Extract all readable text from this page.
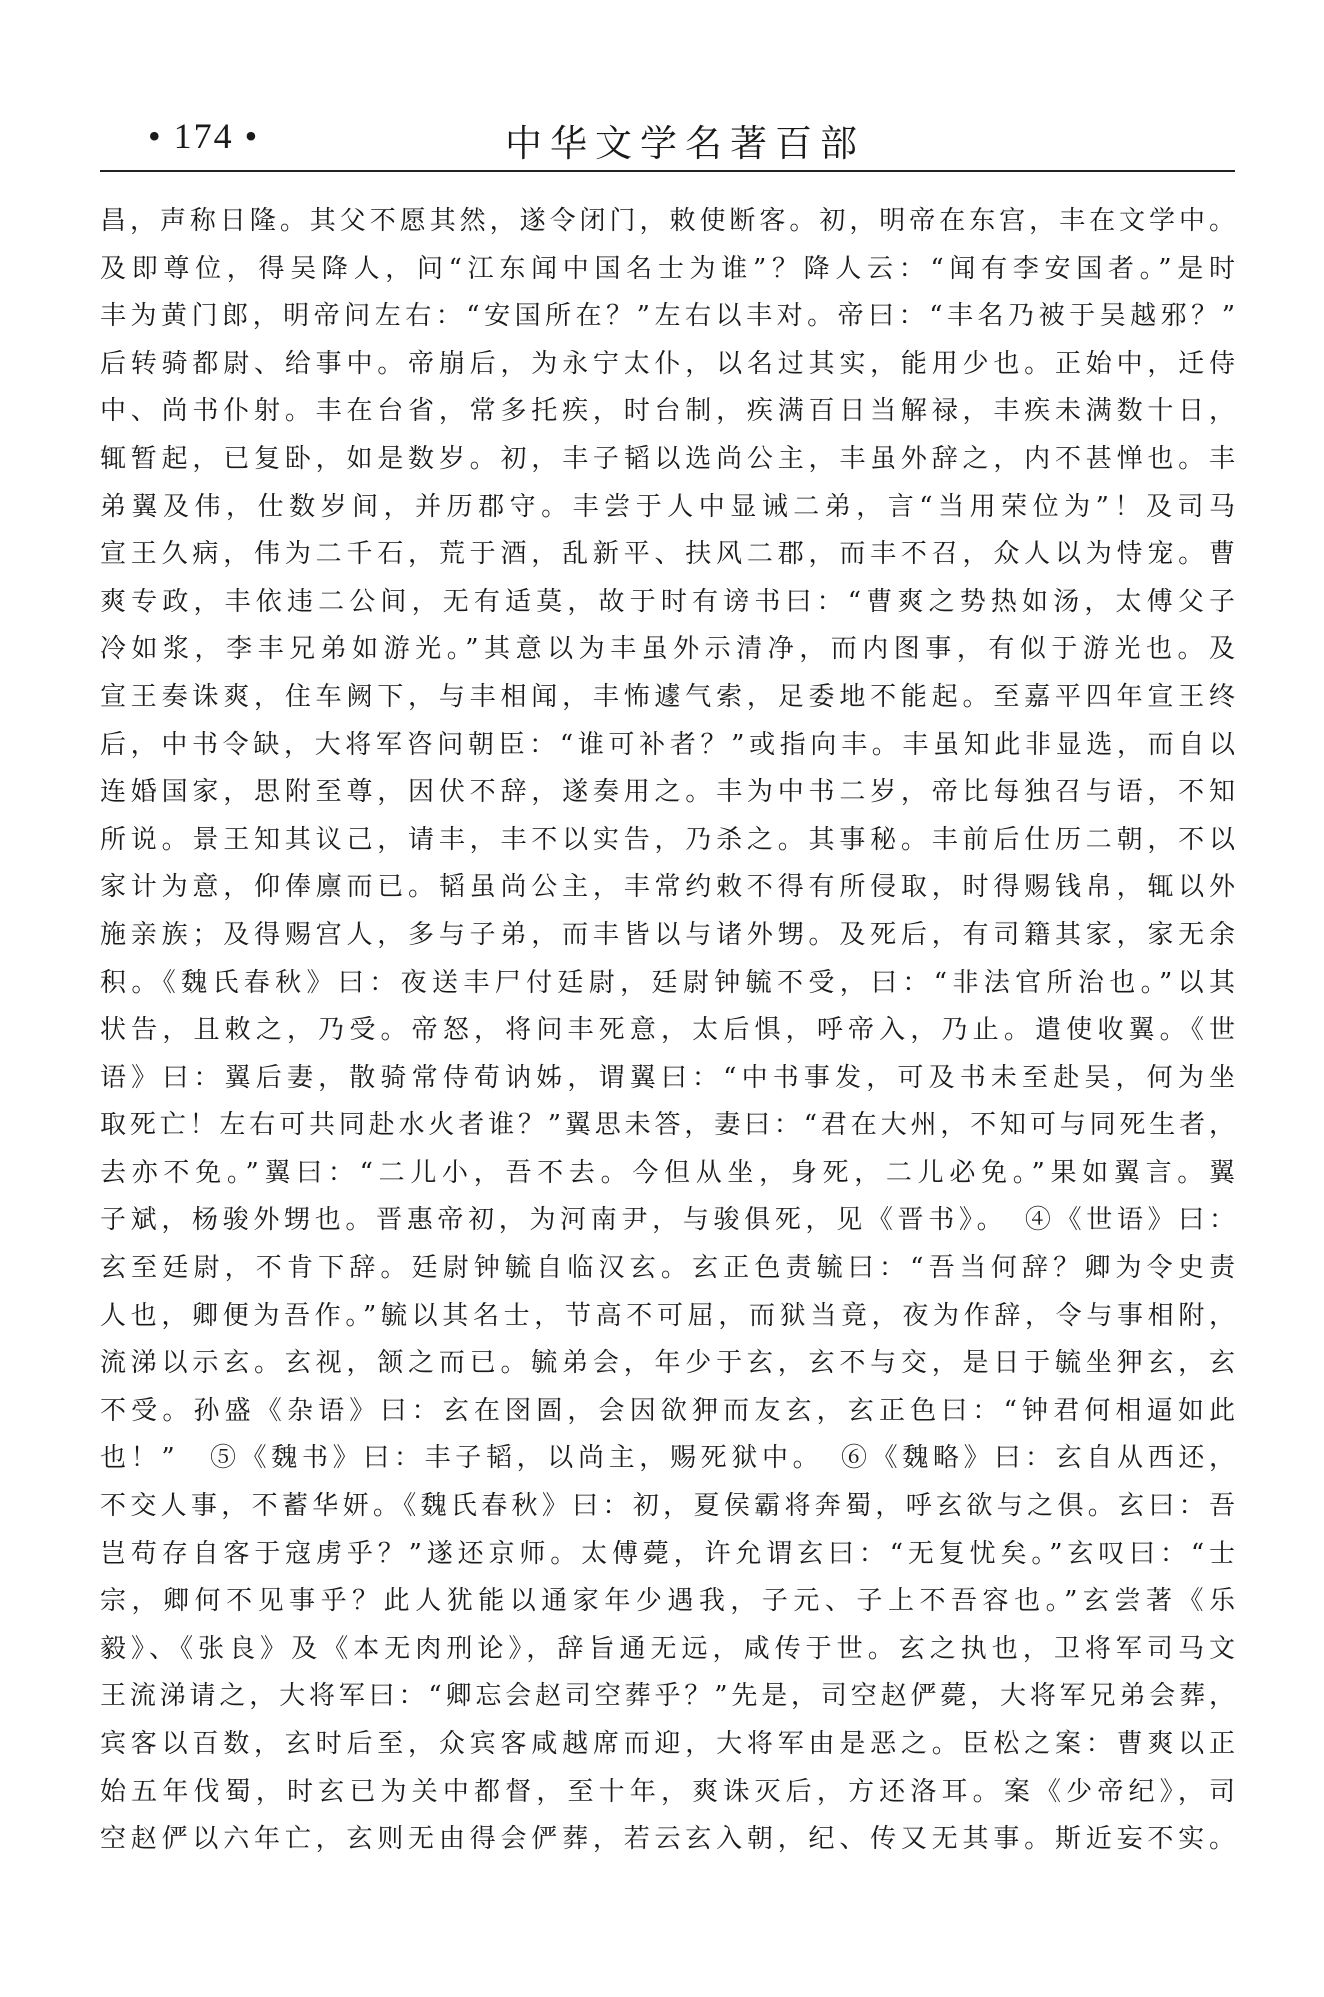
• 174 •	中华文学名著百部
昌，声称日隆。其父不愿其然，遂令闭门，敕使断客。初，明帝在东宫，丰在文学中。
及即尊位，得吴降人，问“江东闻中国名士为谁”？降人云：“闻有李安国者。”是时
丰为黄门郎，明帝问左右：“安国所在？”左右以丰对。帝曰：“丰名乃被于吴越邪？”
后转骑都尉、给事中。帝崩后，为永宁太仆，以名过其实，能用少也。正始中，迁侍
中、尚书仆射。丰在台省，常多托疾，时台制，疾满百日当解禄，丰疾未满数十日，
辄暂起，已复卧，如是数岁。初，丰子韬以选尚公主，丰虽外辞之，内不甚惮也。丰
弟翼及伟，仕数岁间，并历郡守。丰尝于人中显诫二弟，言“当用荣位为”！及司马
宣王久病，伟为二千石，荒于酒，乱新平、扶风二郡，而丰不召，众人以为恃宠。曹
爽专政，丰依违二公间，无有适莫，故于时有谤书曰：“曹爽之势热如汤，太傅父子
冷如浆，李丰兄弟如游光。”其意以为丰虽外示清净，而内图事，有似于游光也。及
宣王奏诛爽，住车阙下，与丰相闻，丰怖遽气索，足委地不能起。至嘉平四年宣王终
后，中书令缺，大将军咨问朝臣：“谁可补者？”或指向丰。丰虽知此非显选，而自以
连婚国家，思附至尊，因伏不辞，遂奏用之。丰为中书二岁，帝比每独召与语，不知
所说。景王知其议己，请丰，丰不以实告，乃杀之。其事秘。丰前后仕历二朝，不以
家计为意，仰俸廪而已。韬虽尚公主，丰常约敕不得有所侵取，时得赐钱帛，辄以外
施亲族；及得赐宫人，多与子弟，而丰皆以与诸外甥。及死后，有司籍其家，家无余
积。《魏氏春秋》曰：夜送丰尸付廷尉，廷尉钟毓不受，曰：“非法官所治也。”以其
状告，且敕之，乃受。帝怒，将问丰死意，太后惧，呼帝入，乃止。遣使收翼。《世
语》曰：翼后妻，散骑常侍荀讷姊，谓翼曰：“中书事发，可及书未至赴吴，何为坐
取死亡！左右可共同赴水火者谁？”翼思未答，妻曰：“君在大州，不知可与同死生者，
去亦不免。”翼曰：“二儿小，吾不去。今但从坐，身死，二儿必免。”果如翼言。翼
子斌，杨骏外甥也。晋惠帝初，为河南尹，与骏俱死，见《晋书》。　④《世语》曰：
玄至廷尉，不肯下辞。廷尉钟毓自临汉玄。玄正色责毓曰：“吾当何辞？卿为令史责
人也，卿便为吾作。”毓以其名士，节高不可屈，而狱当竟，夜为作辞，令与事相附，
流涕以示玄。玄视，颔之而已。毓弟会，年少于玄，玄不与交，是日于毓坐狎玄，玄
不受。孙盛《杂语》曰：玄在囹圄，会因欲狎而友玄，玄正色曰：“钟君何相逼如此
也！”　⑤《魏书》曰：丰子韬，以尚主，赐死狱中。　⑥《魏略》曰：玄自从西还，
不交人事，不蓄华妍。《魏氏春秋》曰：初，夏侯霸将奔蜀，呼玄欲与之俱。玄曰：吾
岂苟存自客于寇虏乎？”遂还京师。太傅薨，许允谓玄曰：“无复忧矣。”玄叹曰：“士
宗，卿何不见事乎？此人犹能以通家年少遇我，子元、子上不吾容也。”玄尝著《乐
毅》、《张良》及《本无肉刑论》，辞旨通无远，咸传于世。玄之执也，卫将军司马文
王流涕请之，大将军曰：“卿忘会赵司空葬乎？”先是，司空赵俨薨，大将军兄弟会葬，
宾客以百数，玄时后至，众宾客咸越席而迎，大将军由是恶之。臣松之案：曹爽以正
始五年伐蜀，时玄已为关中都督，至十年，爽诛灭后，方还洛耳。案《少帝纪》，司
空赵俨以六年亡，玄则无由得会俨葬，若云玄入朝，纪、传又无其事。斯近妄不实。
